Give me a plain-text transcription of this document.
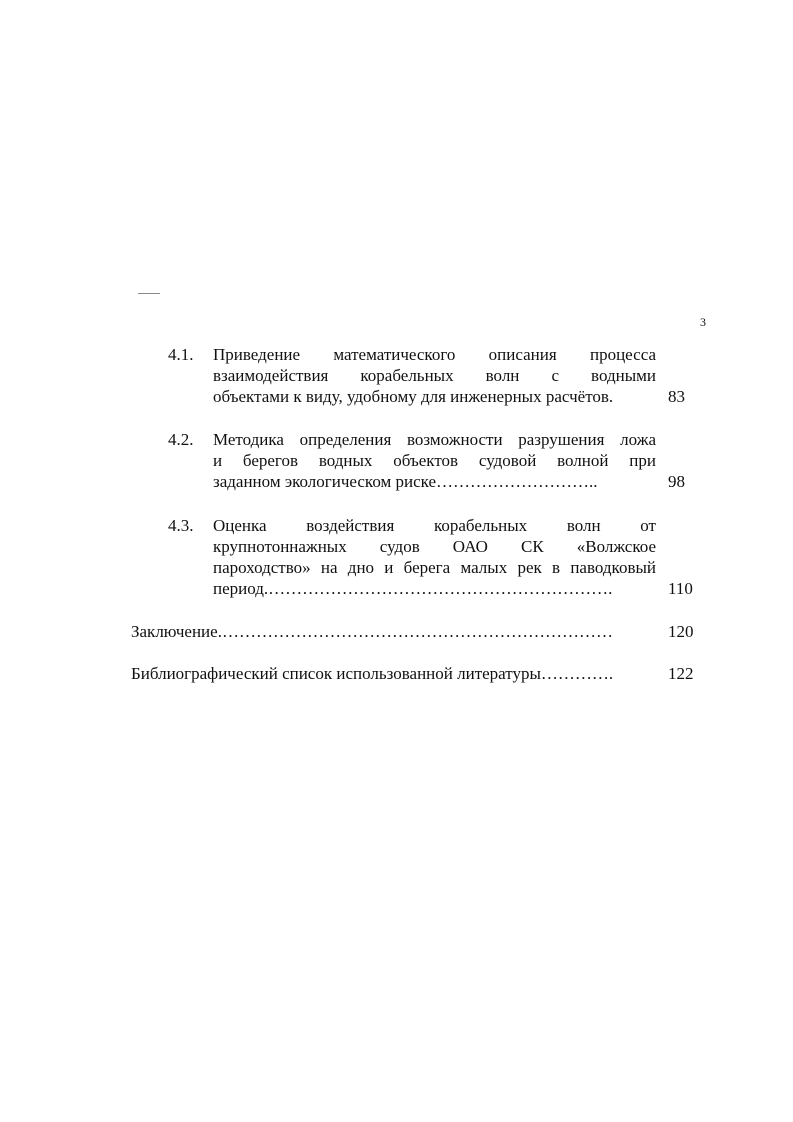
3
4.1. Приведение математического описания процесса
взаимодействия корабельных волн с водными
объектами к виду, удобному для инженерных расчётов.	83
4.2. Методика определения возможности разрушения ложа
и берегов водных объектов судовой волной при
заданном экологическом риске………………………..	98
4.3. Оценка воздействия корабельных волн от
крупнотоннажных судов ОАО СК «Волжское
пароходство» на дно и берега малых рек в паводковый
период.…………………………………………………….	110
Заключение.……………………………………………………………	120
Библиографический список использованной литературы………….	122
